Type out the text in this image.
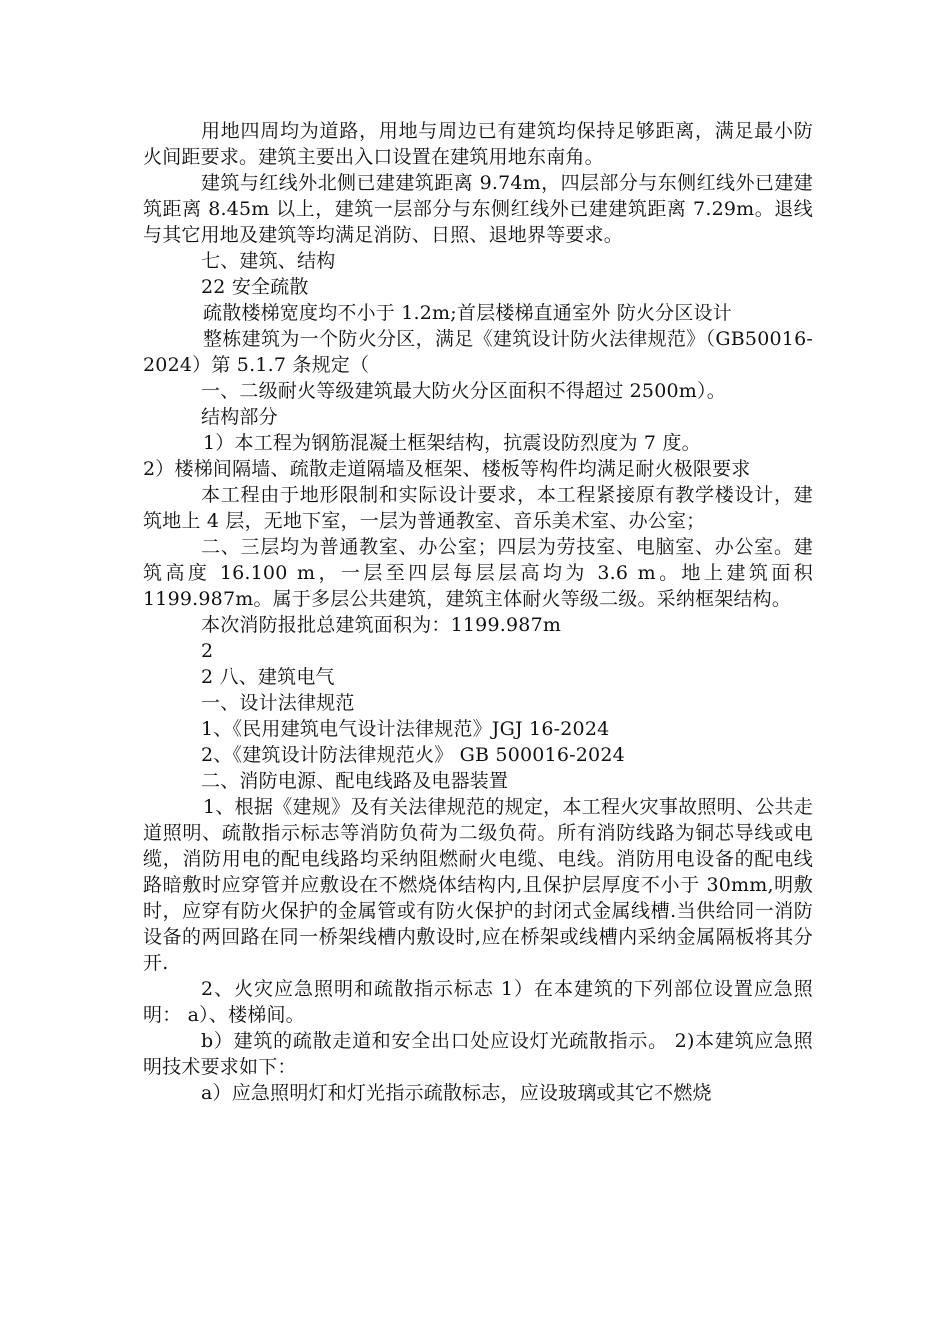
用地四周均为道路，用地与周边已有建筑均保持足够距离，满足最小防火间距要求。建筑主要出入口设置在建筑用地东南角。

建筑与红线外北侧已建建筑距离 9.74m，四层部分与东侧红线外已建建筑距离 8.45m 以上，建筑一层部分与东侧红线外已建建筑距离 7.29m。退线与其它用地及建筑等均满足消防、日照、退地界等要求。

七、建筑、结构

22 安全疏散

疏散楼梯宽度均不小于 1.2m;首层楼梯直通室外 防火分区设计

整栋建筑为一个防火分区，满足《建筑设计防火法律规范》（GB50016-2024）第 5.1.7 条规定（

一、二级耐火等级建筑最大防火分区面积不得超过 2500m）。

结构部分

1）本工程为钢筋混凝土框架结构，抗震设防烈度为 7 度。

2）楼梯间隔墙、疏散走道隔墙及框架、楼板等构件均满足耐火极限要求

本工程由于地形限制和实际设计要求，本工程紧接原有教学楼设计，建筑地上 4 层，无地下室，一层为普通教室、音乐美术室、办公室；

二、三层均为普通教室、办公室；四层为劳技室、电脑室、办公室。建筑高度 16.100 m，一层至四层每层层高均为 3.6 m。地上建筑面积 1199.987m。属于多层公共建筑，建筑主体耐火等级二级。采纳框架结构。

本次消防报批总建筑面积为：1199.987m

2

2 八、建筑电气

一、设计法律规范

1、《民用建筑电气设计法律规范》JGJ 16-2024

2、《建筑设计防法律规范火》 GB 500016-2024

二、消防电源、配电线路及电器装置

1、根据《建规》及有关法律规范的规定，本工程火灾事故照明、公共走道照明、疏散指示标志等消防负荷为二级负荷。所有消防线路为铜芯导线或电缆，消防用电的配电线路均采纳阻燃耐火电缆、电线。消防用电设备的配电线路暗敷时应穿管并应敷设在不燃烧体结构内,且保护层厚度不小于 30mm,明敷时，应穿有防火保护的金属管或有防火保护的封闭式金属线槽.当供给同一消防设备的两回路在同一桥架线槽内敷设时,应在桥架或线槽内采纳金属隔板将其分开.

2、火灾应急照明和疏散指示标志 1）在本建筑的下列部位设置应急照明： a）、楼梯间。

b）建筑的疏散走道和安全出口处应设灯光疏散指示。 2)本建筑应急照明技术要求如下：

a）应急照明灯和灯光指示疏散标志，应设玻璃或其它不燃烧
